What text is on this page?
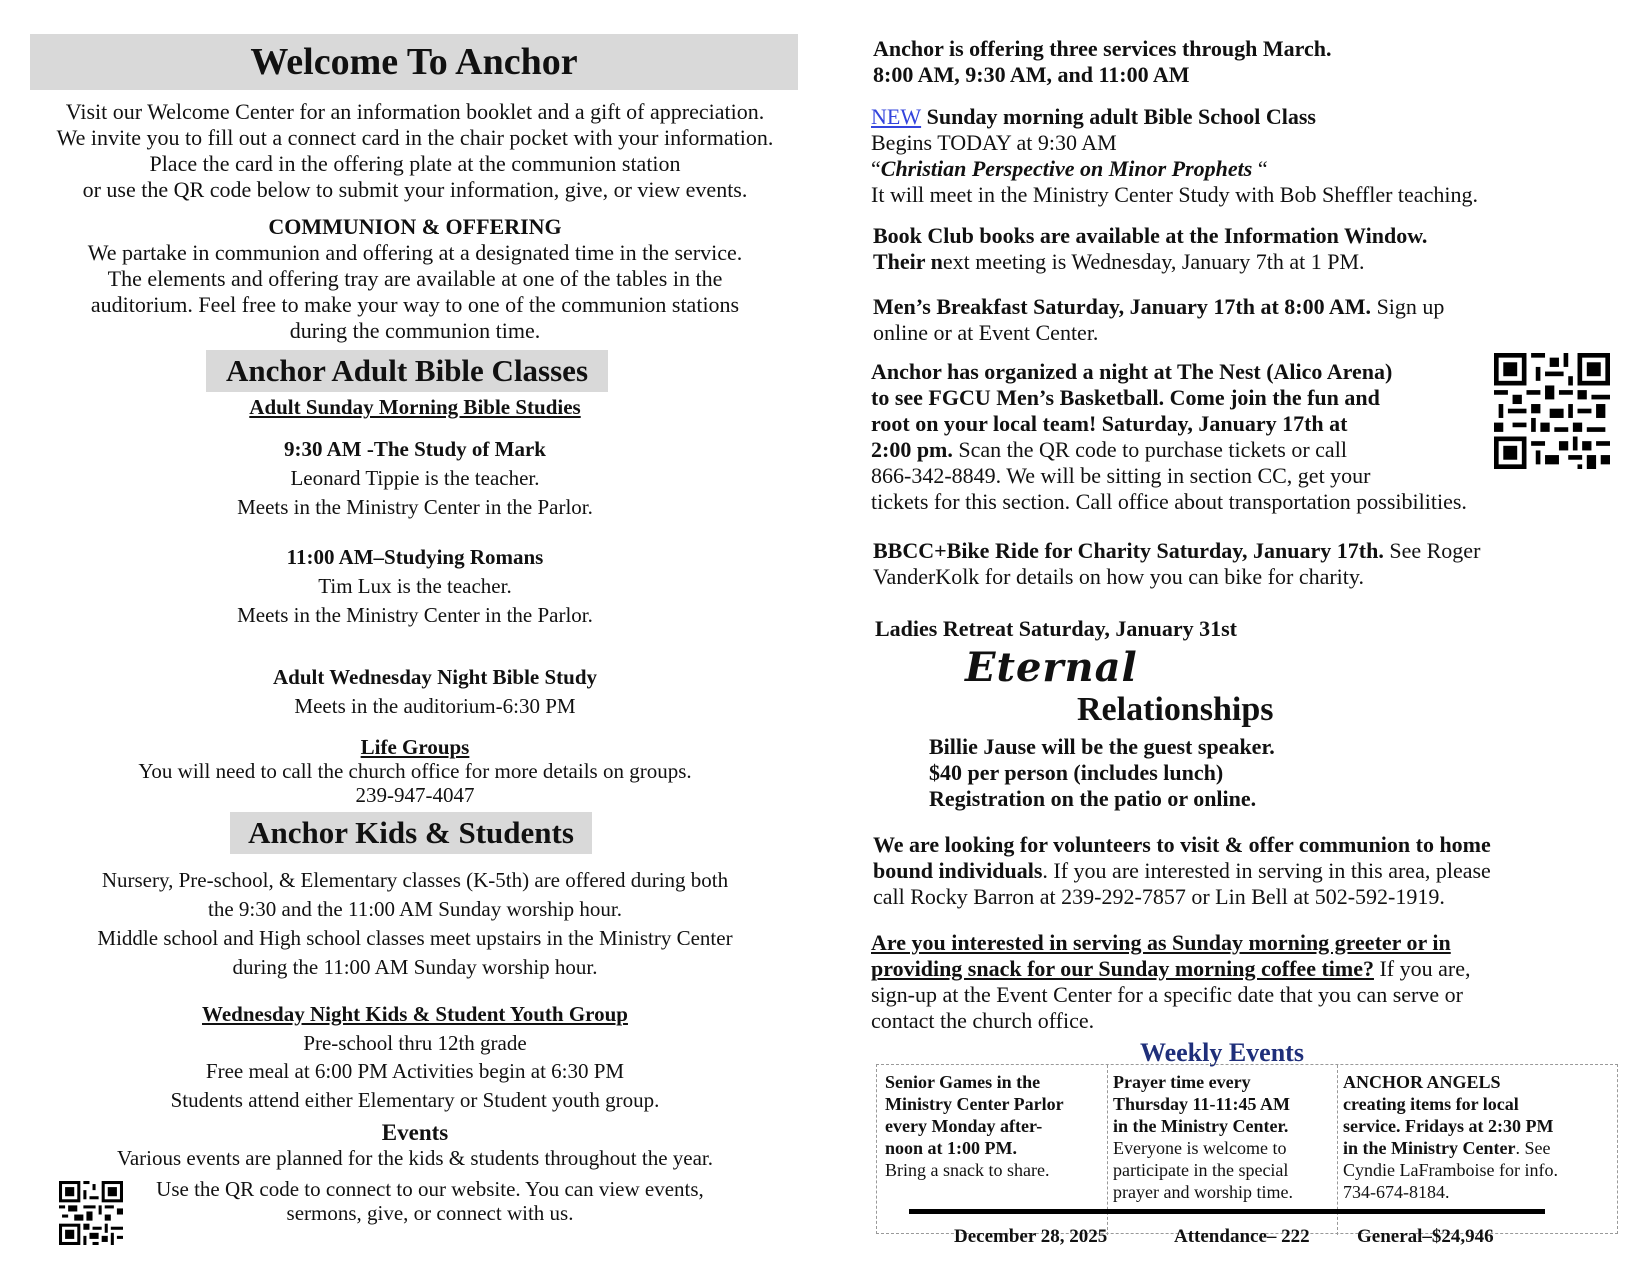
Welcome To Anchor
Visit our Welcome Center for an information booklet and a gift of appreciation.
We invite you to fill out a connect card in the chair pocket with your information.
Place the card in the offering plate at the communion station
or use the QR code below to submit your information, give, or view events.
COMMUNION & OFFERING
We partake in communion and offering at a designated time in the service.
The elements and offering tray are available at one of the tables in the
auditorium. Feel free to make your way to one of the communion stations
during the communion time.
Anchor Adult Bible Classes
Adult Sunday Morning Bible Studies
9:30 AM -The Study of Mark
Leonard Tippie is the teacher.
Meets in the Ministry Center in the Parlor.
11:00 AM–Studying Romans
Tim Lux is the teacher.
Meets in the Ministry Center in the Parlor.
Adult Wednesday Night Bible Study
Meets in the auditorium-6:30 PM
Life Groups
You will need to call the church office for more details on groups.
239-947-4047
Anchor Kids & Students
Nursery, Pre-school, & Elementary classes (K-5th) are offered during both
the 9:30 and the 11:00 AM Sunday worship hour.
Middle school and High school classes meet upstairs in the Ministry Center
during the 11:00 AM Sunday worship hour.
Wednesday Night Kids & Student Youth Group
Pre-school thru 12th grade
Free meal at 6:00 PM Activities begin at 6:30 PM
Students attend either Elementary or Student youth group.
Events
Various events are planned for the kids & students throughout the year.
Use the QR code to connect to our website. You can view events,
sermons, give, or connect with us.
Anchor is offering three services through March.
8:00 AM, 9:30 AM, and 11:00 AM
NEW Sunday morning adult Bible School Class
Begins TODAY at 9:30 AM
“Christian Perspective on Minor Prophets “
It will meet in the Ministry Center Study with Bob Sheffler teaching.
Book Club books are available at the Information Window.
Their next meeting is Wednesday, January 7th at 1 PM.
Men’s Breakfast Saturday, January 17th at 8:00 AM. Sign up
online or at Event Center.
Anchor has organized a night at The Nest (Alico Arena)
to see FGCU Men’s Basketball. Come join the fun and
root on your local team! Saturday, January 17th at
2:00 pm. Scan the QR code to purchase tickets or call
866-342-8849. We will be sitting in section CC, get your
tickets for this section. Call office about transportation possibilities.
BBCC+Bike Ride for Charity Saturday, January 17th. See Roger
VanderKolk for details on how you can bike for charity.
Ladies Retreat Saturday, January 31st
Eternal
Relationships
Billie Jause will be the guest speaker.
$40 per person (includes lunch)
Registration on the patio or online.
We are looking for volunteers to visit & offer communion to home
bound individuals. If you are interested in serving in this area, please
call Rocky Barron at 239-292-7857 or Lin Bell at 502-592-1919.
Are you interested in serving as Sunday morning greeter or in
providing snack for our Sunday morning coffee time? If you are,
sign-up at the Event Center for a specific date that you can serve or
contact the church office.
Weekly Events
Senior Games in the
Ministry Center Parlor
every Monday after-
noon at 1:00 PM.
Bring a snack to share.
Prayer time every
Thursday 11-11:45 AM
in the Ministry Center.
Everyone is welcome to
participate in the special
prayer and worship time.
ANCHOR ANGELS
creating items for local
service. Fridays at 2:30 PM
in the Ministry Center. See
Cyndie LaFramboise for info.
734-674-8184.
December 28, 2025	Attendance– 222 General–$24,946
